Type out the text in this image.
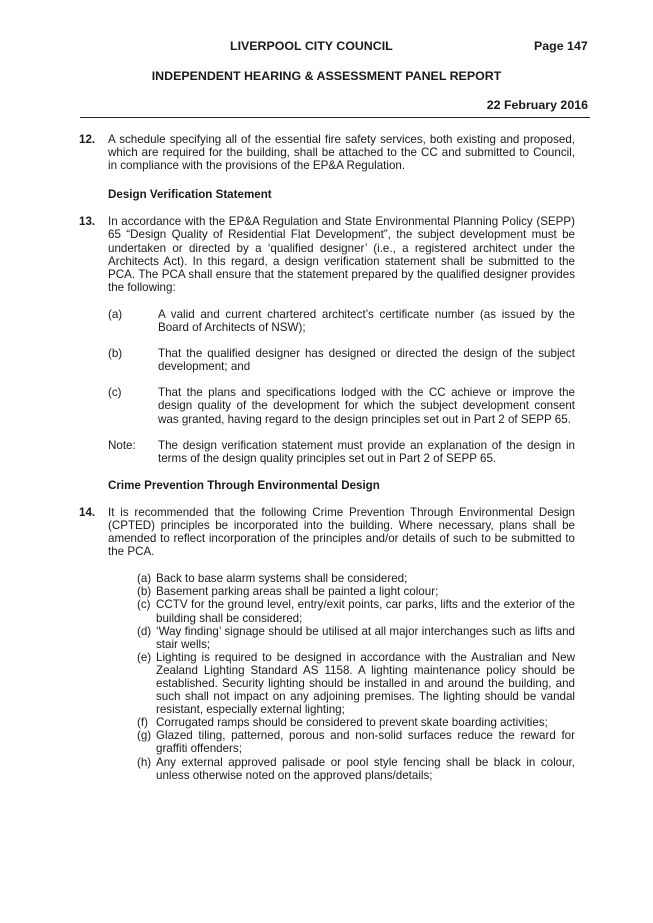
LIVERPOOL CITY COUNCIL	Page 147
INDEPENDENT HEARING & ASSESSMENT PANEL REPORT
22 February 2016
12. A schedule specifying all of the essential fire safety services, both existing and proposed, which are required for the building, shall be attached to the CC and submitted to Council, in compliance with the provisions of the EP&A Regulation.

Design Verification Statement
13. In accordance with the EP&A Regulation and State Environmental Planning Policy (SEPP) 65 “Design Quality of Residential Flat Development”, the subject development must be undertaken or directed by a ‘qualified designer’ (i.e., a registered architect under the Architects Act). In this regard, a design verification statement shall be submitted to the PCA. The PCA shall ensure that the statement prepared by the qualified designer provides the following:

(a)	A valid and current chartered architect’s certificate number (as issued by the Board of Architects of NSW);

(b)	That the qualified designer has designed or directed the design of the subject development; and

(c)	That the plans and specifications lodged with the CC achieve or improve the design quality of the development for which the subject development consent was granted, having regard to the design principles set out in Part 2 of SEPP 65.

Note: The design verification statement must provide an explanation of the design in terms of the design quality principles set out in Part 2 of SEPP 65.

Crime Prevention Through Environmental Design
14. It is recommended that the following Crime Prevention Through Environmental Design (CPTED) principles be incorporated into the building. Where necessary, plans shall be amended to reflect incorporation of the principles and/or details of such to be submitted to the PCA.

(a) Back to base alarm systems shall be considered;

(b) Basement parking areas shall be painted a light colour;

(c) CCTV for the ground level, entry/exit points, car parks, lifts and the exterior of the building shall be considered;

(d) ‘Way finding’ signage should be utilised at all major interchanges such as lifts and stair wells;

(e) Lighting is required to be designed in accordance with the Australian and New Zealand Lighting Standard AS 1158. A lighting maintenance policy should be established. Security lighting should be installed in and around the building, and such shall not impact on any adjoining premises. The lighting should be vandal resistant, especially external lighting;

(f) Corrugated ramps should be considered to prevent skate boarding activities;

(g) Glazed tiling, patterned, porous and non-solid surfaces reduce the reward for graffiti offenders;

(h) Any external approved palisade or pool style fencing shall be black in colour, unless otherwise noted on the approved plans/details;
